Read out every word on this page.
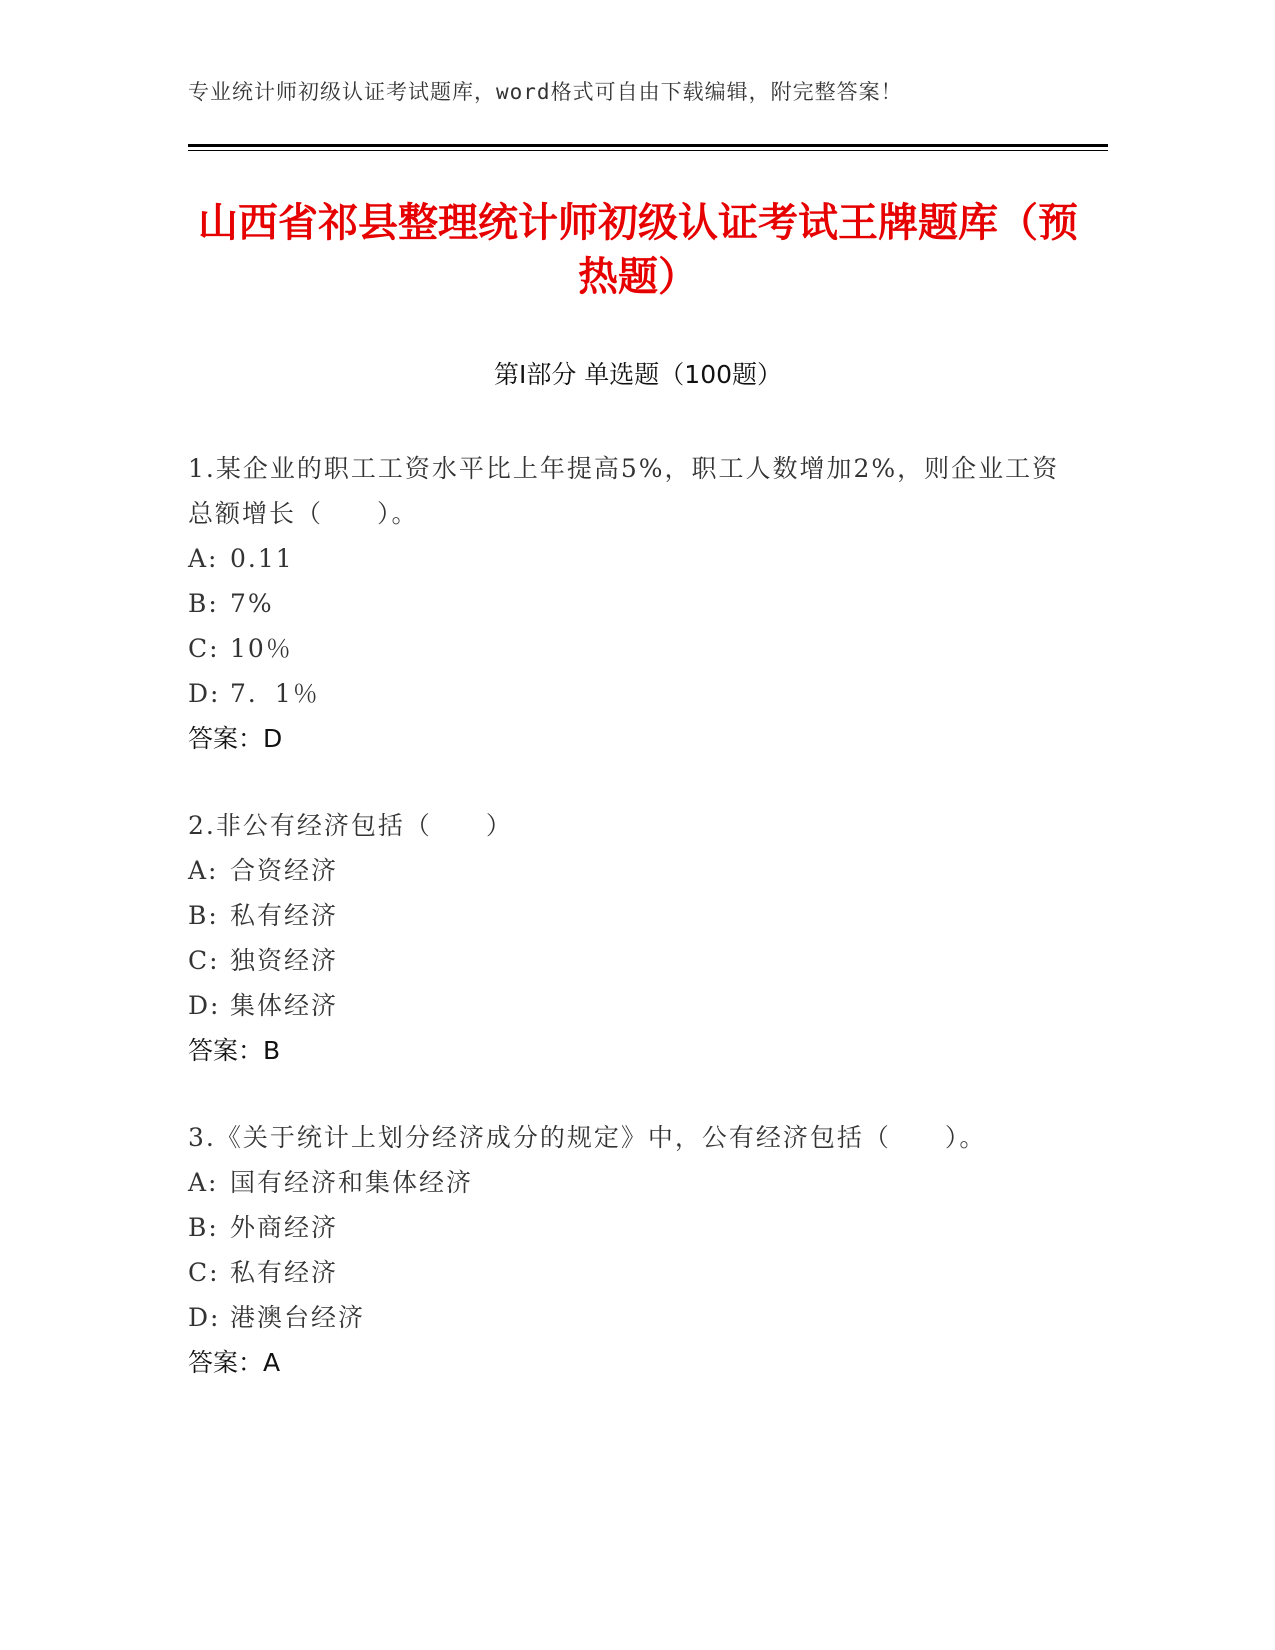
专业统计师初级认证考试题库，word格式可自由下载编辑，附完整答案！
山西省祁县整理统计师初级认证考试王牌题库（预热题）
第Ⅰ部分 单选题（100题）
1.某企业的职工工资水平比上年提高5%，职工人数增加2%，则企业工资总额增长（　　）。
A: 0.11
B: 7%
C: 10％
D: 7．1％
答案：D
2.非公有经济包括（　　）
A: 合资经济
B: 私有经济
C: 独资经济
D: 集体经济
答案：B
3.《关于统计上划分经济成分的规定》中，公有经济包括（　　）。
A: 国有经济和集体经济
B: 外商经济
C: 私有经济
D: 港澳台经济
答案：A
